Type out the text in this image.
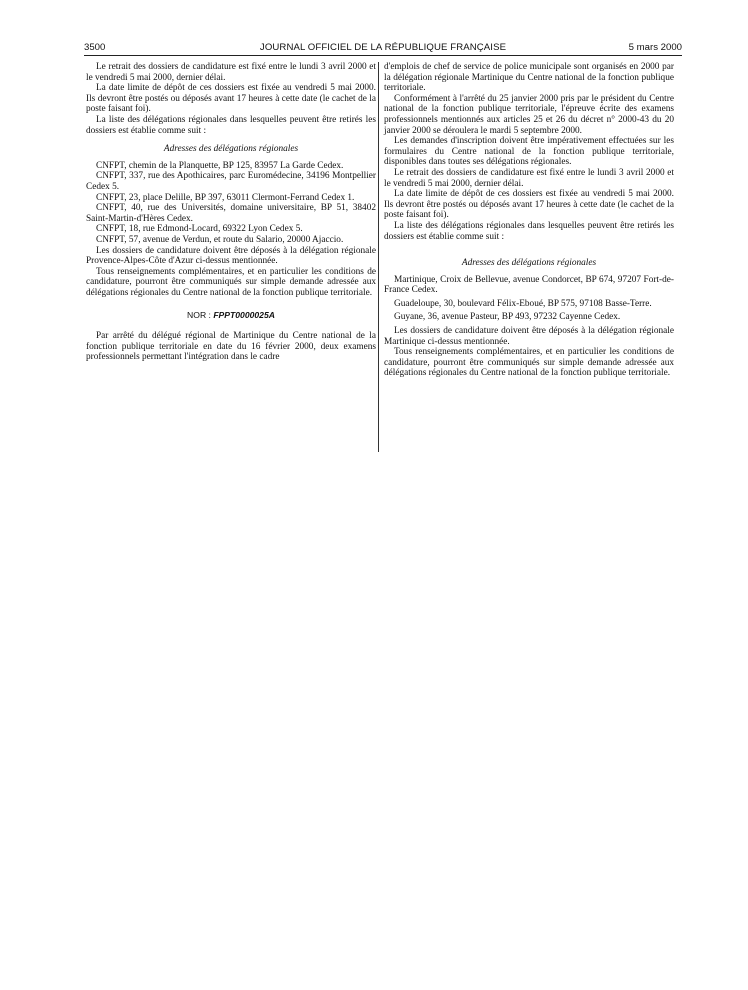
3500	JOURNAL OFFICIEL DE LA RÉPUBLIQUE FRANÇAISE	5 mars 2000

Le retrait des dossiers de candidature est fixé entre le lundi 3 avril 2000 et le vendredi 5 mai 2000, dernier délai.

La date limite de dépôt de ces dossiers est fixée au vendredi 5 mai 2000. Ils devront être postés ou déposés avant 17 heures à cette date (le cachet de la poste faisant foi).

La liste des délégations régionales dans lesquelles peuvent être retirés les dossiers est établie comme suit :

Adresses des délégations régionales

CNFPT, chemin de la Planquette, BP 125, 83957 La Garde Cedex.

CNFPT, 337, rue des Apothicaires, parc Euromédecine, 34196 Montpellier Cedex 5.

CNFPT, 23, place Delille, BP 397, 63011 Clermont-Ferrand Cedex 1.

CNFPT, 40, rue des Universités, domaine universitaire, BP 51, 38402 Saint-Martin-d'Hères Cedex.

CNFPT, 18, rue Edmond-Locard, 69322 Lyon Cedex 5.

CNFPT, 57, avenue de Verdun, et route du Salario, 20000 Ajaccio.

Les dossiers de candidature doivent être déposés à la délégation régionale Provence-Alpes-Côte d'Azur ci-dessus mentionnée.

Tous renseignements complémentaires, et en particulier les conditions de candidature, pourront être communiqués sur simple demande adressée aux délégations régionales du Centre national de la fonction publique territoriale.

NOR : FPPT0000025A

Par arrêté du délégué régional de Martinique du Centre national de la fonction publique territoriale en date du 16 février 2000, deux examens professionnels permettant l'intégration dans le cadre

d'emplois de chef de service de police municipale sont organisés en 2000 par la délégation régionale Martinique du Centre national de la fonction publique territoriale.

Conformément à l'arrêté du 25 janvier 2000 pris par le président du Centre national de la fonction publique territoriale, l'épreuve écrite des examens professionnels mentionnés aux articles 25 et 26 du décret n° 2000-43 du 20 janvier 2000 se déroulera le mardi 5 septembre 2000.

Les demandes d'inscription doivent être impérativement effectuées sur les formulaires du Centre national de la fonction publique territoriale, disponibles dans toutes ses délégations régionales.

Le retrait des dossiers de candidature est fixé entre le lundi 3 avril 2000 et le vendredi 5 mai 2000, dernier délai.

La date limite de dépôt de ces dossiers est fixée au vendredi 5 mai 2000. Ils devront être postés ou déposés avant 17 heures à cette date (le cachet de la poste faisant foi).

La liste des délégations régionales dans lesquelles peuvent être retirés les dossiers est établie comme suit :

Adresses des délégations régionales

Martinique, Croix de Bellevue, avenue Condorcet, BP 674, 97207 Fort-de-France Cedex.

Guadeloupe, 30, boulevard Félix-Eboué, BP 575, 97108 Basse-Terre.

Guyane, 36, avenue Pasteur, BP 493, 97232 Cayenne Cedex.

Les dossiers de candidature doivent être déposés à la délégation régionale Martinique ci-dessus mentionnée.

Tous renseignements complémentaires, et en particulier les conditions de candidature, pourront être communiqués sur simple demande adressée aux délégations régionales du Centre national de la fonction publique territoriale.
